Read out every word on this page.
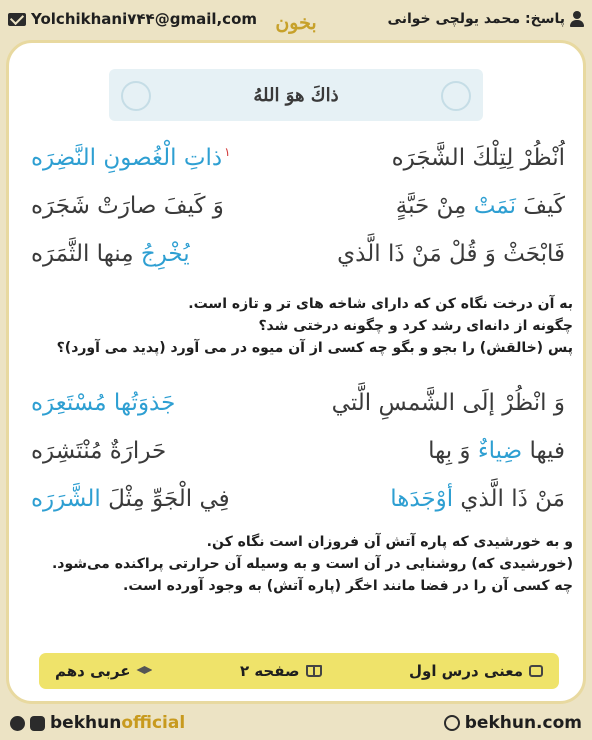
Yolchikhani۷۴۴@gmail,com	پاسخ: محمد یولچی خوانی
بخون
ذاكَ هوَ اللهُ
اُنْظُرْ لِتِلْكَ الشَّجَرَه
$^۱$ذاتِ الْغُصونِ النَّضِرَه
كَيفَ نَمَتْ مِنْ حَبَّةٍ
وَ كَيفَ صارَتْ شَجَرَه
فَابْحَثْ وَ قُلْ مَنْ ذَا الَّذي
يُخْرِجُ مِنها الثَّمَرَه
به آن درخت نگاه کن که دارای شاخه های تر و تازه است.
چگونه از دانه‌ای رشد کرد و چگونه درختی شد؟
پس (خالقش) را بجو و بگو چه کسی از آن میوه در می آورد (پدید می آورد)؟
وَ انْظُرْ إلَى الشَّمسِ الَّتي
جَذوَتُها مُسْتَعِرَه
فيها ضِياءٌ وَ بِها
حَرارَةٌ مُنْتَشِرَه
مَنْ ذَا الَّذي أوْجَدَها
فِي الْجَوِّ مِثْلَ الشَّرَرَه
و به خورشیدی که پاره آتش آن فروزان است نگاه کن.
(خورشیدی که) روشنایی در آن است و به وسیله آن حرارتی پراکنده می‌شود.
چه کسی آن را در فضا مانند اخگر (پاره آتش) به وجود آورده است.
معنی درس اول
صفحه ۲
عربی دهم
bekhunofficial	bekhun.com
